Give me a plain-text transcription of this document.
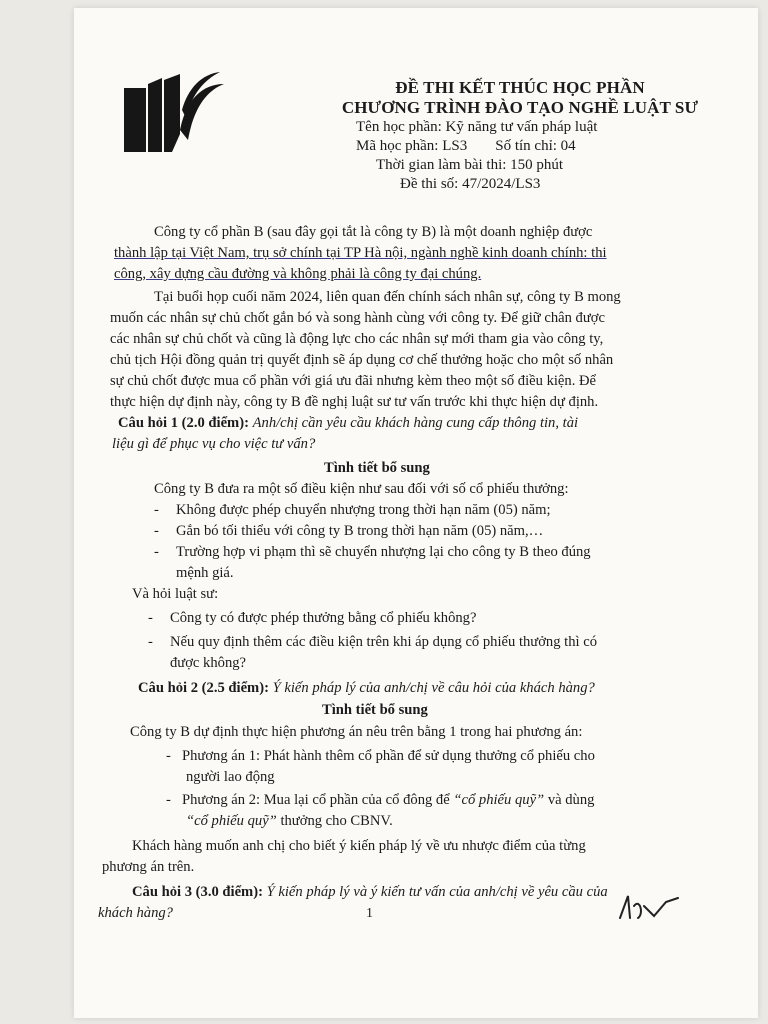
ĐỀ THI KẾT THÚC HỌC PHẦN
CHƯƠNG TRÌNH ĐÀO TẠO NGHỀ LUẬT SƯ
Tên học phần: Kỹ năng tư vấn pháp luật
Mã học phần: LS3 Số tín chỉ: 04
Thời gian làm bài thi: 150 phút
Đề thi số: 47/2024/LS3
Công ty cổ phần B (sau đây gọi tắt là công ty B) là một doanh nghiệp được
thành lập tại Việt Nam, trụ sở chính tại TP Hà nội, ngành nghề kinh doanh chính: thi
công, xây dựng cầu đường và không phải là công ty đại chúng.
Tại buổi họp cuối năm 2024, liên quan đến chính sách nhân sự, công ty B mong
muốn các nhân sự chủ chốt gắn bó và song hành cùng với công ty. Để giữ chân được
các nhân sự chủ chốt và cũng là động lực cho các nhân sự mới tham gia vào công ty,
chủ tịch Hội đồng quản trị quyết định sẽ áp dụng cơ chế thưởng hoặc cho một số nhân
sự chủ chốt được mua cổ phần với giá ưu đãi nhưng kèm theo một số điều kiện. Để
thực hiện dự định này, công ty B đề nghị luật sư tư vấn trước khi thực hiện dự định.
Câu hỏi 1 (2.0 điểm): Anh/chị cần yêu cầu khách hàng cung cấp thông tin, tài
liệu gì để phục vụ cho việc tư vấn?
Tình tiết bổ sung
Công ty B đưa ra một số điều kiện như sau đối với số cổ phiếu thưởng:
- Không được phép chuyển nhượng trong thời hạn năm (05) năm;
- Gắn bó tối thiểu với công ty B trong thời hạn năm (05) năm,…
- Trường hợp vi phạm thì sẽ chuyển nhượng lại cho công ty B theo đúng
mệnh giá.
Và hỏi luật sư:
- Công ty có được phép thưởng bằng cổ phiếu không?
- Nếu quy định thêm các điều kiện trên khi áp dụng cổ phiếu thưởng thì có
được không?
Câu hỏi 2 (2.5 điểm): Ý kiến pháp lý của anh/chị về câu hỏi của khách hàng?
Tình tiết bổ sung
Công ty B dự định thực hiện phương án nêu trên bằng 1 trong hai phương án:
- Phương án 1: Phát hành thêm cổ phần để sử dụng thưởng cổ phiếu cho
người lao động
- Phương án 2: Mua lại cổ phần của cổ đông để “cổ phiếu quỹ” và dùng
“cổ phiếu quỹ” thưởng cho CBNV.
Khách hàng muốn anh chị cho biết ý kiến pháp lý về ưu nhược điểm của từng
phương án trên.
Câu hỏi 3 (3.0 điểm): Ý kiến pháp lý và ý kiến tư vấn của anh/chị về yêu cầu của
khách hàng?	1
